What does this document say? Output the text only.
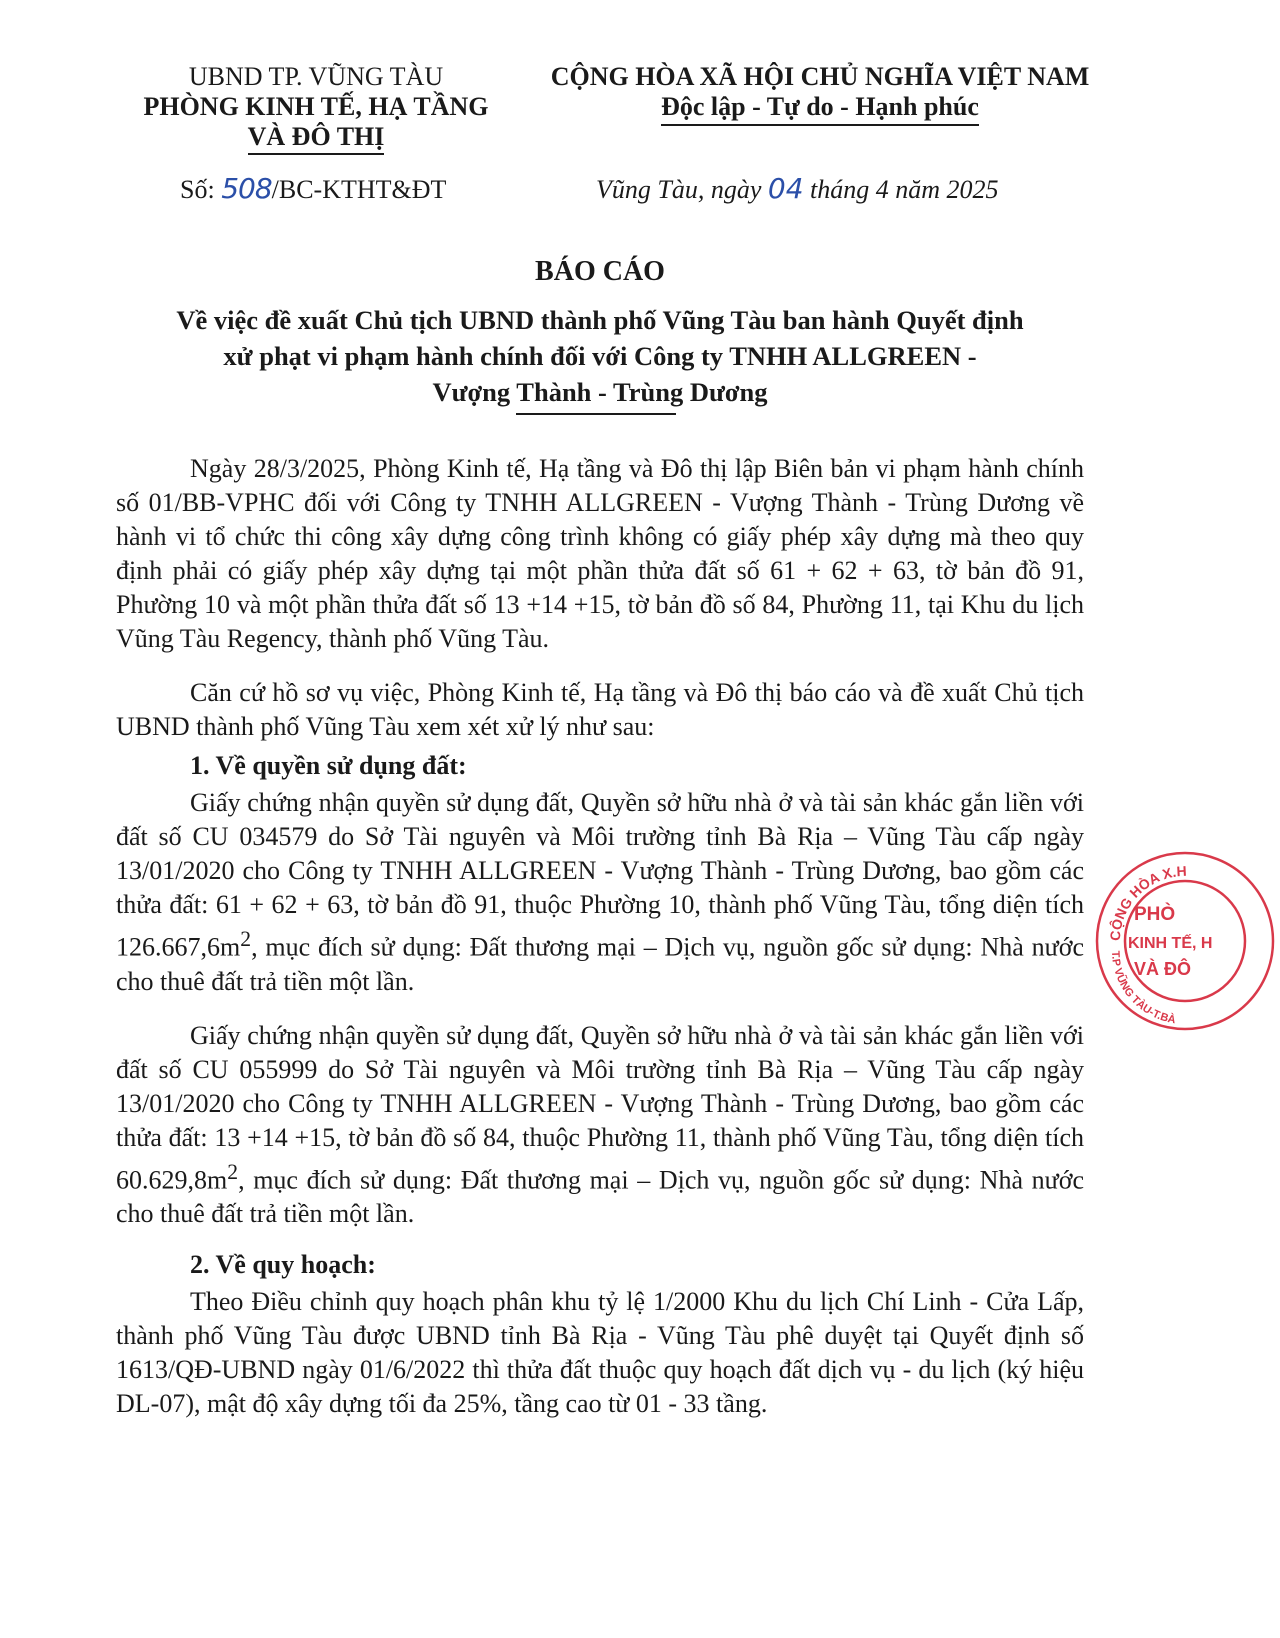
UBND TP. VŨNG TÀU
PHÒNG KINH TẾ, HẠ TẦNG
VÀ ĐÔ THỊ
CỘNG HÒA XÃ HỘI CHỦ NGHĨA VIỆT NAM
Độc lập - Tự do - Hạnh phúc
Số: 508/BC-KTHT&ĐT	Vũng Tàu, ngày 04 tháng 4 năm 2025
BÁO CÁO
Về việc đề xuất Chủ tịch UBND thành phố Vũng Tàu ban hành Quyết định
xử phạt vi phạm hành chính đối với Công ty TNHH ALLGREEN -
Vượng Thành - Trùng Dương

Ngày 28/3/2025, Phòng Kinh tế, Hạ tầng và Đô thị lập Biên bản vi phạm hành chính số 01/BB-VPHC đối với Công ty TNHH ALLGREEN - Vượng Thành - Trùng Dương về hành vi tổ chức thi công xây dựng công trình không có giấy phép xây dựng mà theo quy định phải có giấy phép xây dựng tại một phần thửa đất số 61 + 62 + 63, tờ bản đồ 91, Phường 10 và một phần thửa đất số 13 +14 +15, tờ bản đồ số 84, Phường 11, tại Khu du lịch Vũng Tàu Regency, thành phố Vũng Tàu.

Căn cứ hồ sơ vụ việc, Phòng Kinh tế, Hạ tầng và Đô thị báo cáo và đề xuất Chủ tịch UBND thành phố Vũng Tàu xem xét xử lý như sau:

1. Về quyền sử dụng đất:

Giấy chứng nhận quyền sử dụng đất, Quyền sở hữu nhà ở và tài sản khác gắn liền với đất số CU 034579 do Sở Tài nguyên và Môi trường tỉnh Bà Rịa – Vũng Tàu cấp ngày 13/01/2020 cho Công ty TNHH ALLGREEN - Vượng Thành - Trùng Dương, bao gồm các thửa đất: 61 + 62 + 63, tờ bản đồ 91, thuộc Phường 10, thành phố Vũng Tàu, tổng diện tích $126.667,6m^2$, mục đích sử dụng: Đất thương mại – Dịch vụ, nguồn gốc sử dụng: Nhà nước cho thuê đất trả tiền một lần.

Giấy chứng nhận quyền sử dụng đất, Quyền sở hữu nhà ở và tài sản khác gắn liền với đất số CU 055999 do Sở Tài nguyên và Môi trường tỉnh Bà Rịa – Vũng Tàu cấp ngày 13/01/2020 cho Công ty TNHH ALLGREEN - Vượng Thành - Trùng Dương, bao gồm các thửa đất: 13 +14 +15, tờ bản đồ số 84, thuộc Phường 11, thành phố Vũng Tàu, tổng diện tích $60.629,8m^2$, mục đích sử dụng: Đất thương mại – Dịch vụ, nguồn gốc sử dụng: Nhà nước cho thuê đất trả tiền một lần.

2. Về quy hoạch:

Theo Điều chỉnh quy hoạch phân khu tỷ lệ 1/2000 Khu du lịch Chí Linh - Cửa Lấp, thành phố Vũng Tàu được UBND tỉnh Bà Rịa - Vũng Tàu phê duyệt tại Quyết định số 1613/QĐ-UBND ngày 01/6/2022 thì thửa đất thuộc quy hoạch đất dịch vụ - du lịch (ký hiệu DL-07), mật độ xây dựng tối đa 25%, tầng cao từ 01 - 33 tầng.

CỘNG HÒA X.H
T.P VŨNG TÀU-T.BÀ
PHÒ
KINH TẾ, H
VÀ ĐÔ
